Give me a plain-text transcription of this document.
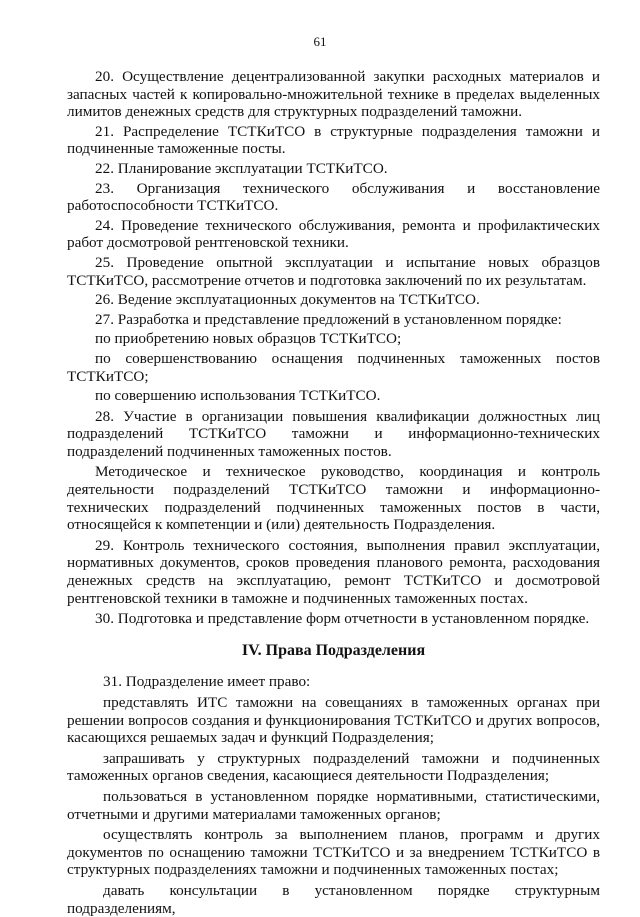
61

20. Осуществление децентрализованной закупки расходных материалов и запасных частей к копировально-множительной технике в пределах выделенных лимитов денежных средств для структурных подразделений таможни.

21. Распределение ТСТКиТСО в структурные подразделения таможни и подчиненные таможенные посты.

22. Планирование эксплуатации ТСТКиТСО.

23. Организация технического обслуживания и восстановление работоспособности ТСТКиТСО.

24. Проведение технического обслуживания, ремонта и профилактических работ досмотровой рентгеновской техники.

25. Проведение опытной эксплуатации и испытание новых образцов ТСТКиТСО, рассмотрение отчетов и подготовка заключений по их результатам.

26. Ведение эксплуатационных документов на ТСТКиТСО.

27. Разработка и представление предложений в установленном порядке:

по приобретению новых образцов ТСТКиТСО;

по совершенствованию оснащения подчиненных таможенных постов ТСТКиТСО;

по совершению использования ТСТКиТСО.

28. Участие в организации повышения квалификации должностных лиц подразделений ТСТКиТСО таможни и информационно-технических подразделений подчиненных таможенных постов.

Методическое и техническое руководство, координация и контроль деятельности подразделений ТСТКиТСО таможни и информационно-технических подразделений подчиненных таможенных постов в части, относящейся к компетенции и (или) деятельность Подразделения.

29. Контроль технического состояния, выполнения правил эксплуатации, нормативных документов, сроков проведения планового ремонта, расходования денежных средств на эксплуатацию, ремонт ТСТКиТСО и досмотровой рентгеновской техники в таможне и подчиненных таможенных постах.

30. Подготовка и представление форм отчетности в установленном порядке.

IV. Права Подразделения

31. Подразделение имеет право:

представлять ИТС таможни на совещаниях в таможенных органах при решении вопросов создания и функционирования ТСТКиТСО и других вопросов, касающихся решаемых задач и функций Подразделения;

запрашивать у структурных подразделений таможни и подчиненных таможенных органов сведения, касающиеся деятельности Подразделения;

пользоваться в установленном порядке нормативными, статистическими, отчетными и другими материалами таможенных органов;

осуществлять контроль за выполнением планов, программ и других документов по оснащению таможни ТСТКиТСО и за внедрением ТСТКиТСО в структурных подразделениях таможни и подчиненных таможенных постах;

давать консультации в установленном порядке структурным подразделениям,
